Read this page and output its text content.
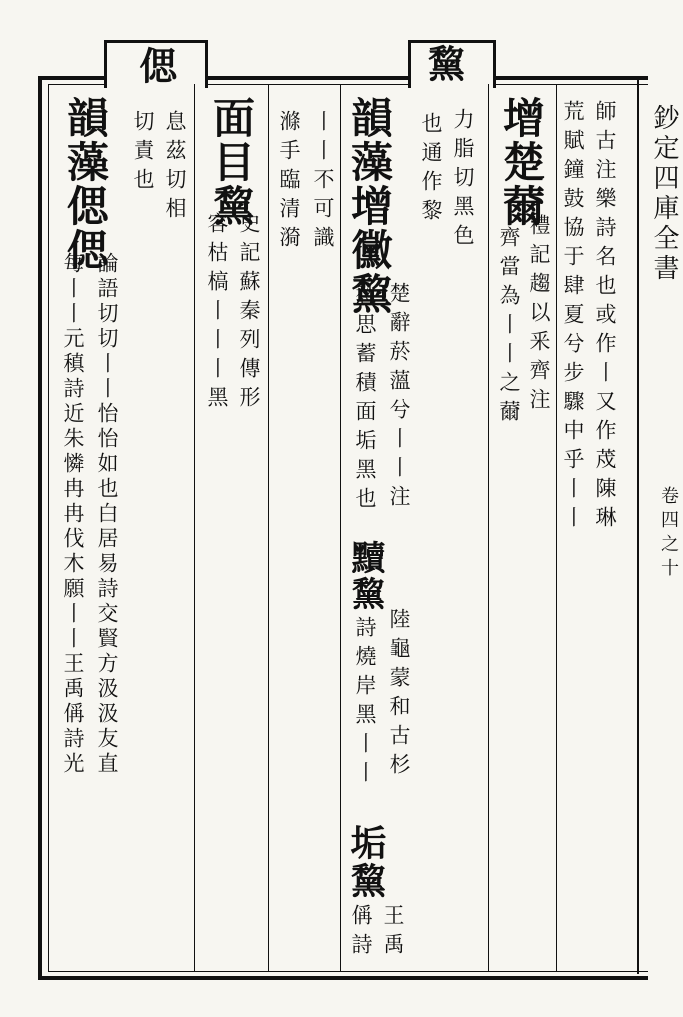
鈔定四庫全書
卷四之十
師古注樂詩名也或作丨又作荗陳琳
荒賦鐘鼓協于肆夏兮步驟中乎丨丨
增楚薾
禮記趨以釆齊注
齊當為丨丨之薾
黧
力脂切黑色
也通作黎
韻藻增黴黧
楚辭菸薀兮丨丨注
愁思蓄積面垢黑也
黷黧
陸龜蒙和古杉
詩燒岸黑丨丨
垢黧
王禹
偁詩
丨丨不可識
滌手臨清漪
面目黧
史記蘇秦列傳形
容枯槁丨丨丨黑
偲
息茲切相
切責也
韻藻偲偲
論語切切丨丨怡怡如也白居易詩交賢方汲汲友直
每丨丨元稹詩近朱憐冉冉伐木願丨丨王禹偁詩光
